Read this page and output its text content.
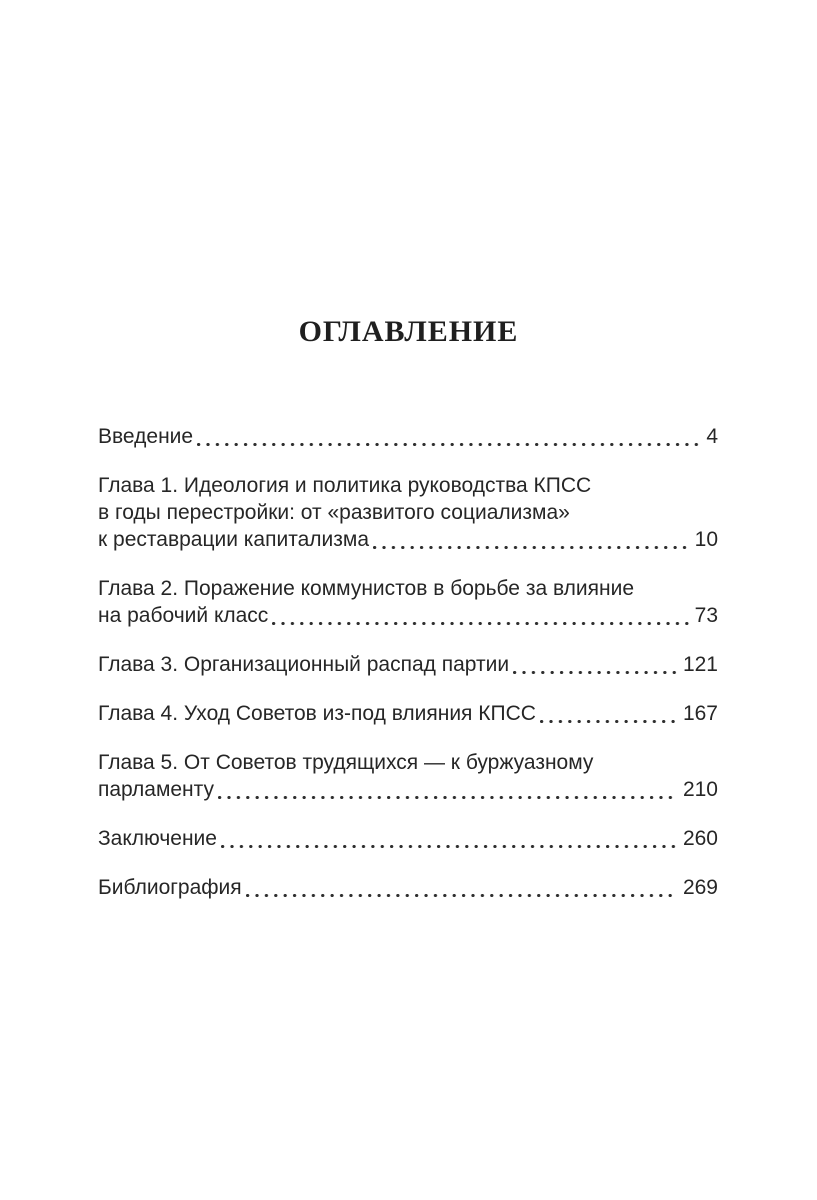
ОГЛАВЛЕНИЕ
Введение	4
Глава 1. Идеология и политика руководства КПСС
в годы перестройки: от «развитого социализма»
к реставрации капитализма	10
Глава 2. Поражение коммунистов в борьбе за влияние
на рабочий класс	73
Глава 3. Организационный распад партии	121
Глава 4. Уход Советов из-под влияния КПСС	167
Глава 5. От Советов трудящихся — к буржуазному
парламенту	210
Заключение	260
Библиография	269
